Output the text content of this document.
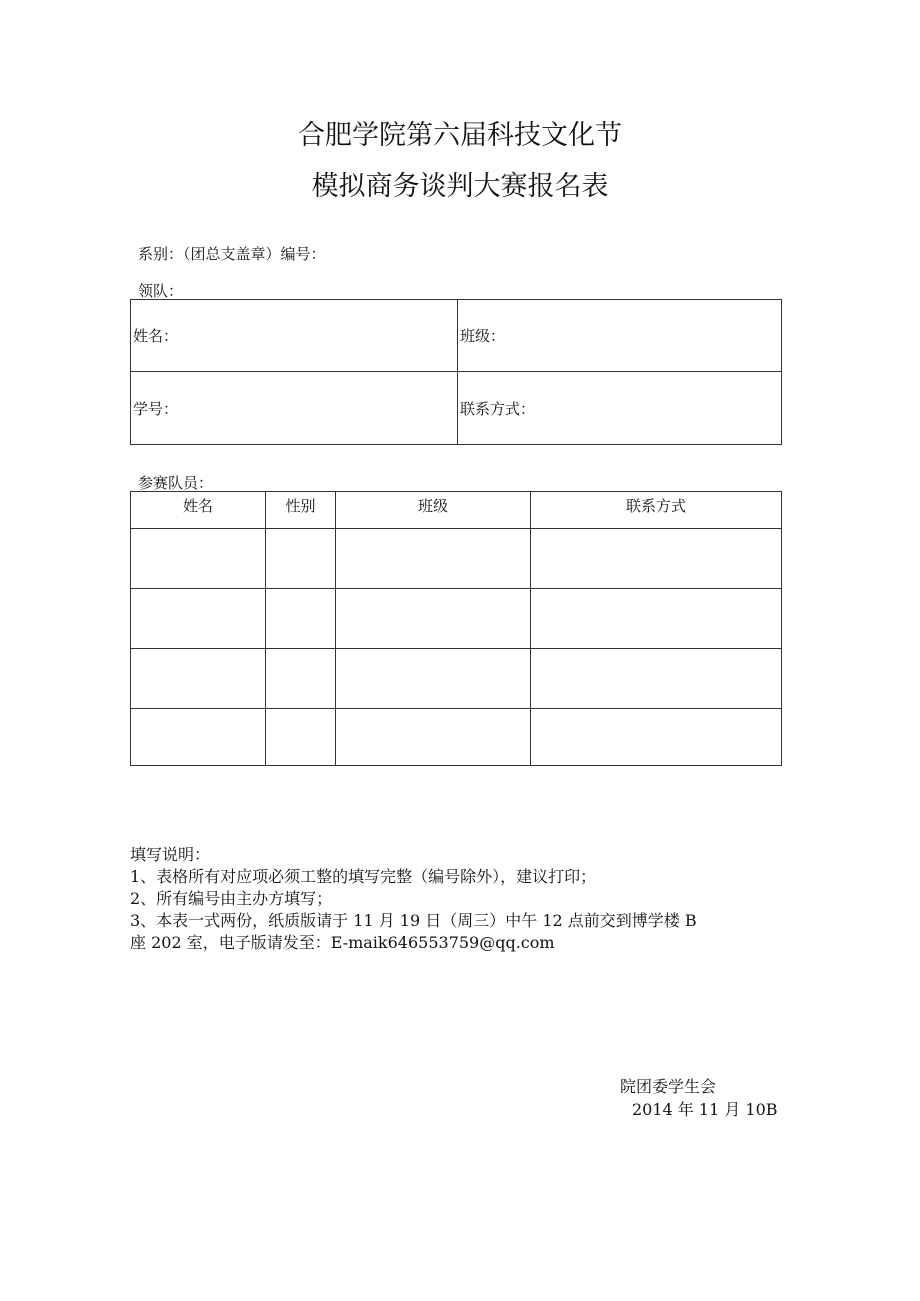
合肥学院第六届科技文化节
模拟商务谈判大赛报名表
系别：（团总支盖章）编号：
领队：
姓名：	班级：
学号：	联系方式：
参赛队员：
姓名	性别	班级	联系方式

填写说明：
1、表格所有对应项必须工整的填写完整（编号除外），建议打印；
2、所有编号由主办方填写；
3、本表一式两份，纸质版请于 11 月 19 日（周三）中午 12 点前交到博学楼 B
座 202 室，电子版请发至：E-maik646553759@qq.com
院团委学生会
2014 年 11 月 10B
